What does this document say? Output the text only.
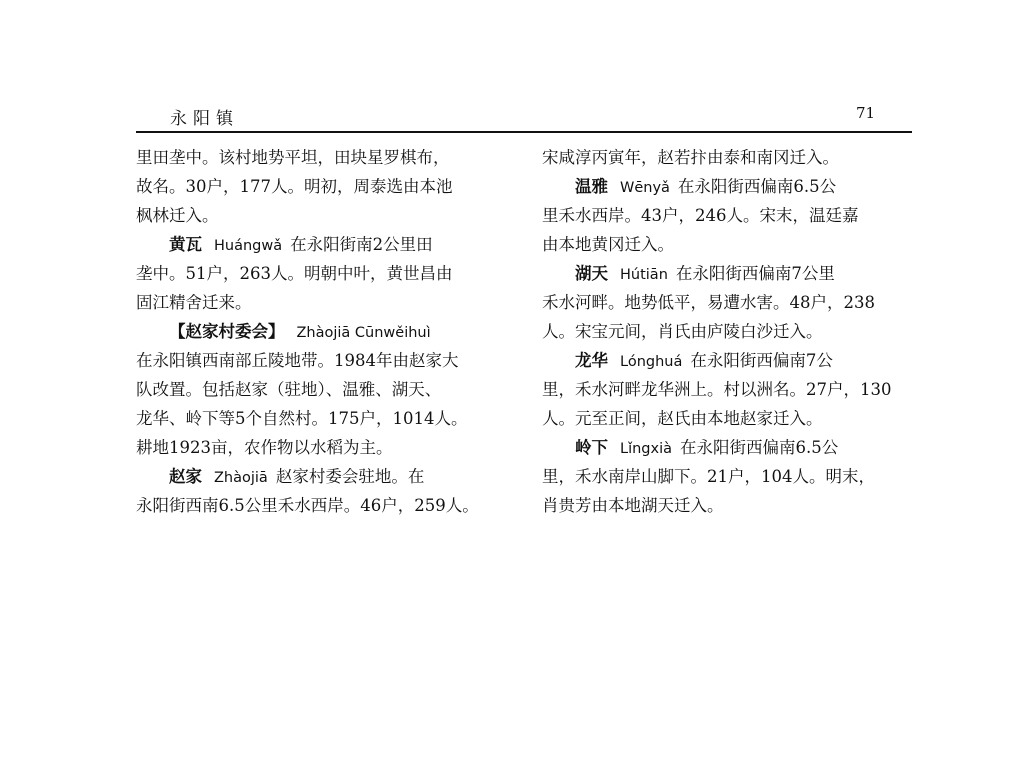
永阳镇	71
里田垄中。该村地势平坦，田块星罗棋布，
故名。30户，177人。明初，周泰选由本池
枫林迁入。
黄瓦 Huángwǎ 在永阳街南2公里田
垄中。51户，263人。明朝中叶，黄世昌由
固江精舍迁来。
【赵家村委会】 Zhàojiā Cūnwěihuì
在永阳镇西南部丘陵地带。1984年由赵家大
队改置。包括赵家（驻地）、温雅、湖天、
龙华、岭下等5个自然村。175户，1014人。
耕地1923亩，农作物以水稻为主。
赵家 Zhàojiā 赵家村委会驻地。在
永阳街西南6.5公里禾水西岸。46户，259人。
宋咸淳丙寅年，赵若抃由泰和南冈迁入。
温雅 Wēnyǎ 在永阳街西偏南6.5公
里禾水西岸。43户，246人。宋末，温廷嘉
由本地黄冈迁入。
湖天 Hútiān 在永阳街西偏南7公里
禾水河畔。地势低平，易遭水害。48户，238
人。宋宝元间，肖氏由庐陵白沙迁入。
龙华 Lónghuá 在永阳街西偏南7公
里，禾水河畔龙华洲上。村以洲名。27户，130
人。元至正间，赵氏由本地赵家迁入。
岭下 Lǐngxià 在永阳街西偏南6.5公
里，禾水南岸山脚下。21户，104人。明末，
肖贵芳由本地湖天迁入。
